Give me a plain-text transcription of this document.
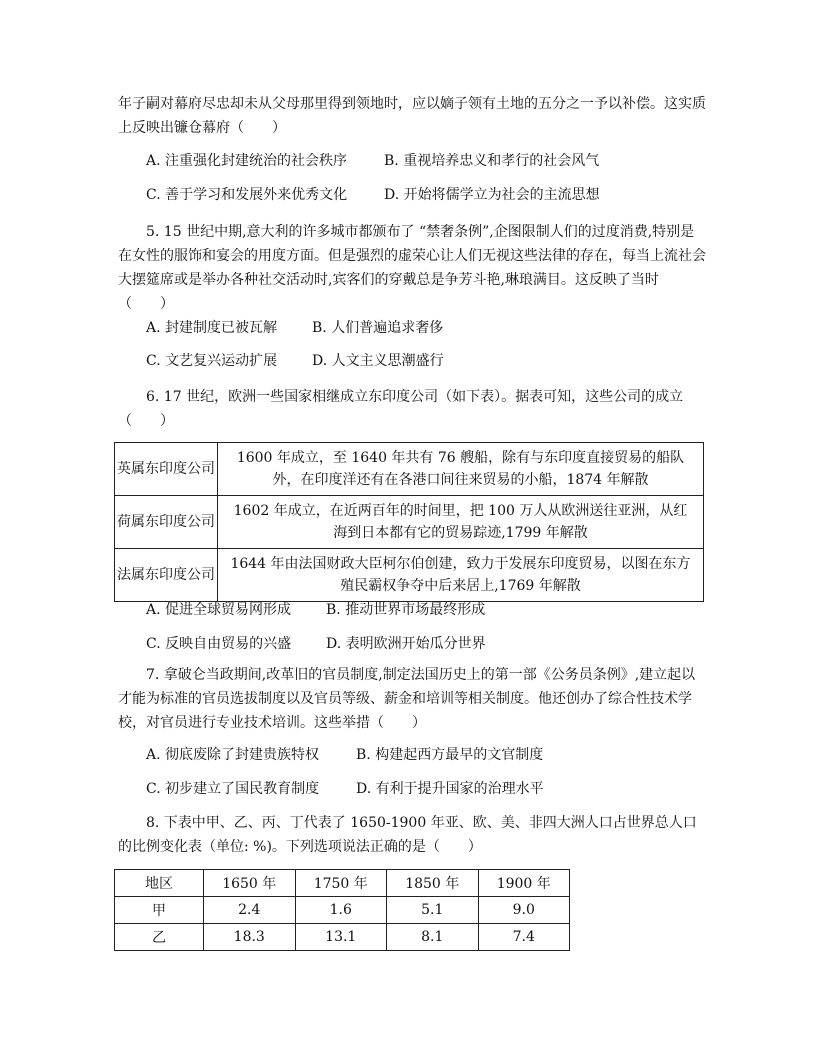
年子嗣对幕府尽忠却未从父母那里得到领地时，应以嫡子领有土地的五分之一予以补偿。这实质上反映出镰仓幕府（　　）
A. 注重强化封建统治的社会秩序	B. 重视培养忠义和孝行的社会风气
C. 善于学习和发展外来优秀文化	D. 开始将儒学立为社会的主流思想
5. 15 世纪中期,意大利的许多城市都颁布了 “禁奢条例”,企图限制人们的过度消费,特别是在女性的服饰和宴会的用度方面。但是强烈的虚荣心让人们无视这些法律的存在，每当上流社会大摆筵席或是举办各种社交活动时,宾客们的穿戴总是争芳斗艳,琳琅满目。这反映了当时（　　）
A. 封建制度已被瓦解 B. 人们普遍追求奢侈
C. 文艺复兴运动扩展 D. 人文主义思潮盛行
6. 17 世纪，欧洲一些国家相继成立东印度公司（如下表）。据表可知，这些公司的成立（　　）
英属东印度公司	1600 年成立，至 1640 年共有 76 艘船，除有与东印度直接贸易的船队外，在印度洋还有在各港口间往来贸易的小船，1874 年解散
荷属东印度公司	1602 年成立，在近两百年的时间里，把 100 万人从欧洲送往亚洲，从红海到日本都有它的贸易踪迹,1799 年解散
法属东印度公司	1644 年由法国财政大臣柯尔伯创建，致力于发展东印度贸易，以图在东方殖民霸权争夺中后来居上,1769 年解散
A. 促进全球贸易网形成 B. 推动世界市场最终形成
C. 反映自由贸易的兴盛 D. 表明欧洲开始瓜分世界
7. 拿破仑当政期间,改革旧的官员制度,制定法国历史上的第一部《公务员条例》,建立起以才能为标准的官员选拔制度以及官员等级、薪金和培训等相关制度。他还创办了综合性技术学校，对官员进行专业技术培训。这些举措（　　）
A. 彻底废除了封建贵族特权	B. 构建起西方最早的文官制度
C. 初步建立了国民教育制度	D. 有利于提升国家的治理水平
8. 下表中甲、乙、丙、丁代表了 1650-1900 年亚、欧、美、非四大洲人口占世界总人口的比例变化表（单位: %)。下列选项说法正确的是（　　）
地区	1650 年	1750 年	1850 年	1900 年
甲	2.4	1.6	5.1	9.0
乙	18.3	13.1	8.1	7.4
